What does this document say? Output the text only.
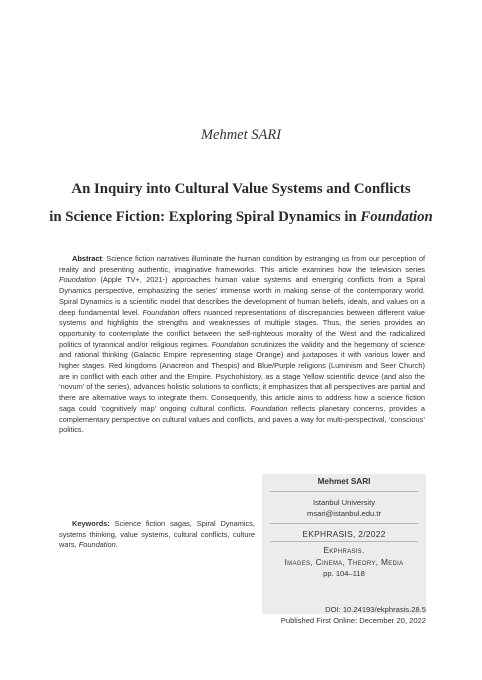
Mehmet SARI
An Inquiry into Cultural Value Systems and Conflicts
in Science Fiction: Exploring Spiral Dynamics in Foundation

Abstract: Science fiction narratives illuminate the human condition by estranging us from our perception of reality and presenting authentic, imaginative frameworks. This article examines how the television series Foundation (Apple TV+, 2021-) approaches human value systems and emerging conflicts from a Spiral Dynamics perspective, emphasizing the series’ immense worth in making sense of the contemporary world. Spiral Dynamics is a scientific model that describes the development of human beliefs, ideals, and values on a deep fundamental level. Foundation offers nuanced representations of discrepancies between different value systems and highlights the strengths and weaknesses of multiple stages. Thus, the series provides an opportunity to contemplate the conflict between the self-righteous morality of the West and the radicalized politics of tyrannical and/or religious regimes. Foundation scrutinizes the validity and the hegemony of science and rational thinking (Galactic Empire representing stage Orange) and juxtaposes it with various lower and higher stages. Red kingdoms (Anacreon and Thespis) and Blue/Purple religions (Luminism and Seer Church) are in conflict with each other and the Empire. Psychohistory, as a stage Yellow scientific device (and also the ‘novum’ of the series), advances holistic solutions to conflicts; it emphasizes that all perspectives are partial and there are alternative ways to integrate them. Consequently, this article aims to address how a science fiction saga could ‘cognitively map’ ongoing cultural conflicts. Foundation reflects planetary concerns, provides a complementary perspective on cultural values and conflicts, and paves a way for multi-perspectival, ‘conscious’ politics.

Keywords: Science fiction sagas, Spiral Dynamics, systems thinking, value systems, cultural conflicts, culture wars, Foundation.

Mehmet SARI
Istanbul University
msari@istanbul.edu.tr
EKPHRASIS, 2/2022
Ekphrasis.
Images, Cinema, Theory, Media
pp. 104–118
DOI: 10.24193/ekphrasis.28.5
Published First Online: December 20, 2022
